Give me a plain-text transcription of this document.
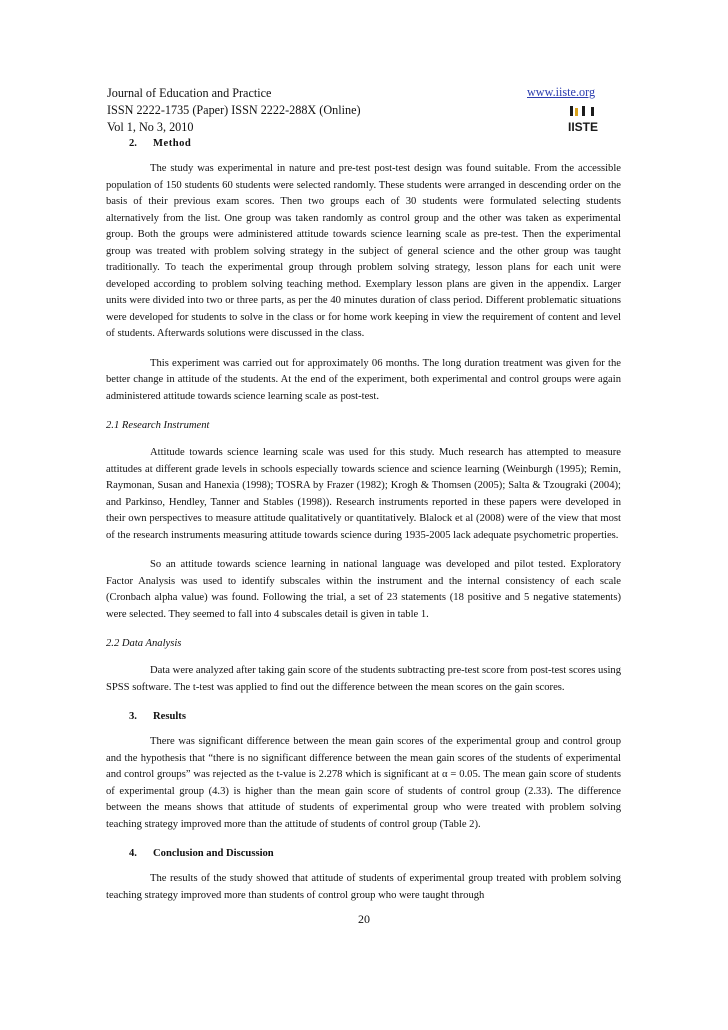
Journal of Education and Practice	www.iiste.org
ISSN 2222-1735 (Paper) ISSN 2222-288X (Online)
Vol 1, No 3, 2010	IISTE
2. Method

The study was experimental in nature and pre-test post-test design was found suitable. From the accessible population of 150 students 60 students were selected randomly. These students were arranged in descending order on the basis of their previous exam scores. Then two groups each of 30 students were formulated selecting students alternatively from the list. One group was taken randomly as control group and the other was taken as experimental group. Both the groups were administered attitude towards science learning scale as pre-test. Then the experimental group was treated with problem solving strategy in the subject of general science and the other group was taught traditionally. To teach the experimental group through problem solving strategy, lesson plans for each unit were developed according to problem solving teaching method. Exemplary lesson plans are given in the appendix. Larger units were divided into two or three parts, as per the 40 minutes duration of class period. Different problematic situations were developed for students to solve in the class or for home work keeping in view the requirement of content and level of students. Afterwards solutions were discussed in the class.

This experiment was carried out for approximately 06 months. The long duration treatment was given for the better change in attitude of the students. At the end of the experiment, both experimental and control groups were again administered attitude towards science learning scale as post-test.

2.1 Research Instrument

Attitude towards science learning scale was used for this study. Much research has attempted to measure attitudes at different grade levels in schools especially towards science and science learning (Weinburgh (1995); Remin, Raymonan, Susan and Hanexia (1998); TOSRA by Frazer (1982); Krogh & Thomsen (2005); Salta & Tzougraki (2004); and Parkinso, Hendley, Tanner and Stables (1998)). Research instruments reported in these papers were developed in their own perspectives to measure attitude qualitatively or quantitatively. Blalock et al (2008) were of the view that most of the research instruments measuring attitude towards science during 1935-2005 lack adequate psychometric properties.

So an attitude towards science learning in national language was developed and pilot tested. Exploratory Factor Analysis was used to identify subscales within the instrument and the internal consistency of each scale (Cronbach alpha value) was found. Following the trial, a set of 23 statements (18 positive and 5 negative statements) were selected. They seemed to fall into 4 subscales detail is given in table 1.

2.2 Data Analysis

Data were analyzed after taking gain score of the students subtracting pre-test score from post-test scores using SPSS software. The t-test was applied to find out the difference between the mean scores on the gain scores.

3. Results

There was significant difference between the mean gain scores of the experimental group and control group and the hypothesis that “there is no significant difference between the mean gain scores of the students of experimental and control groups” was rejected as the t-value is 2.278 which is significant at α = 0.05. The mean gain score of students of experimental group (4.3) is higher than the mean gain score of students of control group (2.33). The difference between the means shows that attitude of students of experimental group who were treated with problem solving teaching strategy improved more than the attitude of students of control group (Table 2).

4. Conclusion and Discussion

The results of the study showed that attitude of students of experimental group treated with problem solving teaching strategy improved more than students of control group who were taught through

20
